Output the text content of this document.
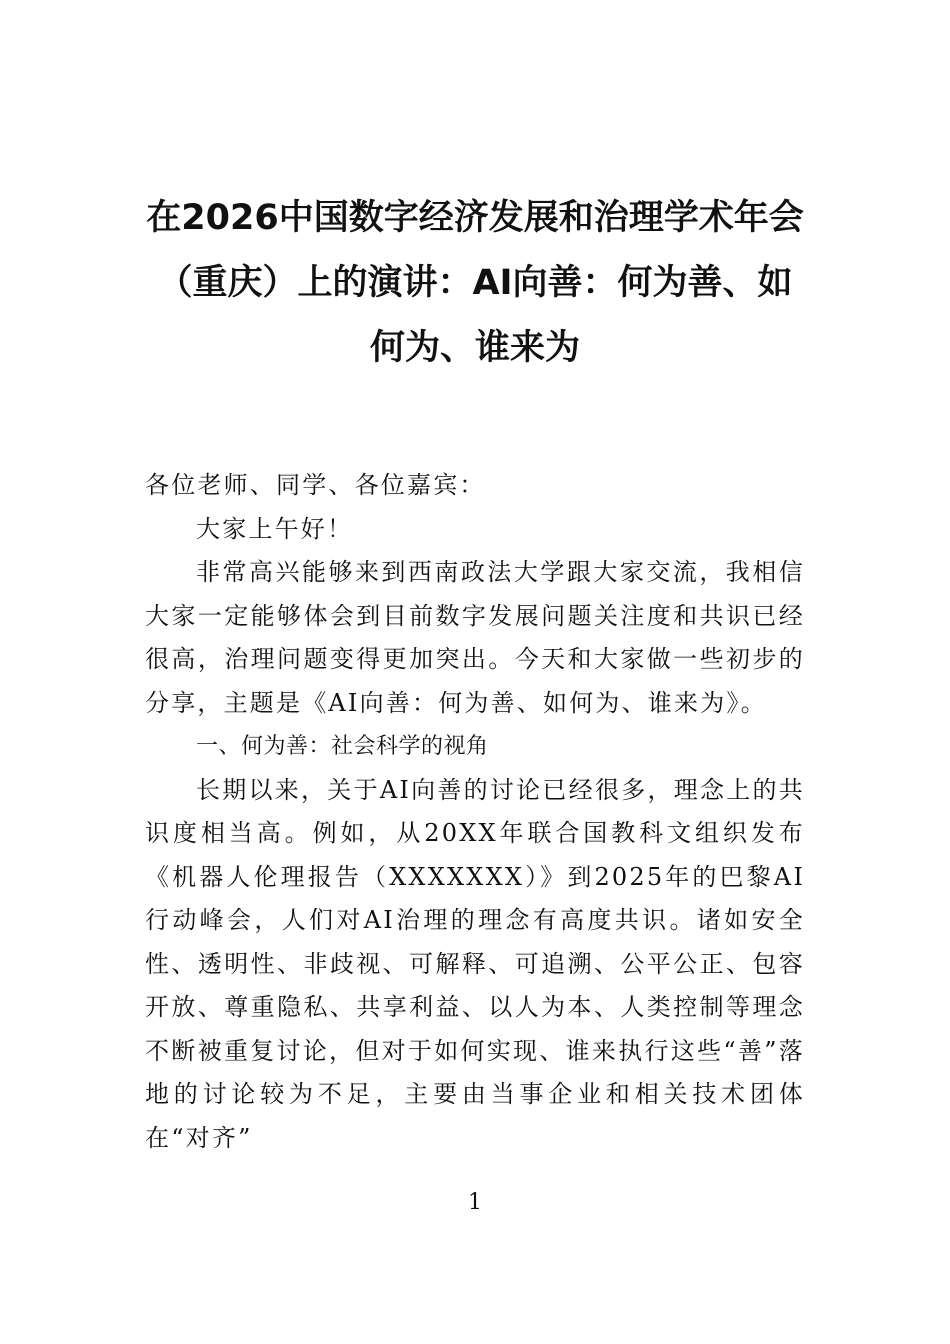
在2026中国数字经济发展和治理学术年会（重庆）上的演讲：AI向善：何为善、如何为、谁来为

各位老师、同学、各位嘉宾：

大家上午好！

非常高兴能够来到西南政法大学跟大家交流，我相信大家一定能够体会到目前数字发展问题关注度和共识已经很高，治理问题变得更加突出。今天和大家做一些初步的分享，主题是《AI向善：何为善、如何为、谁来为》。

一、何为善：社会科学的视角

长期以来，关于AI向善的讨论已经很多，理念上的共识度相当高。例如，从20XX年联合国教科文组织发布《机器人伦理报告（XXXXXXX）》到2025年的巴黎AI行动峰会，人们对AI治理的理念有高度共识。诸如安全性、透明性、非歧视、可解释、可追溯、公平公正、包容开放、尊重隐私、共享利益、以人为本、人类控制等理念不断被重复讨论，但对于如何实现、谁来执行这些“善”落地的讨论较为不足，主要由当事企业和相关技术团体在“对齐”

1
